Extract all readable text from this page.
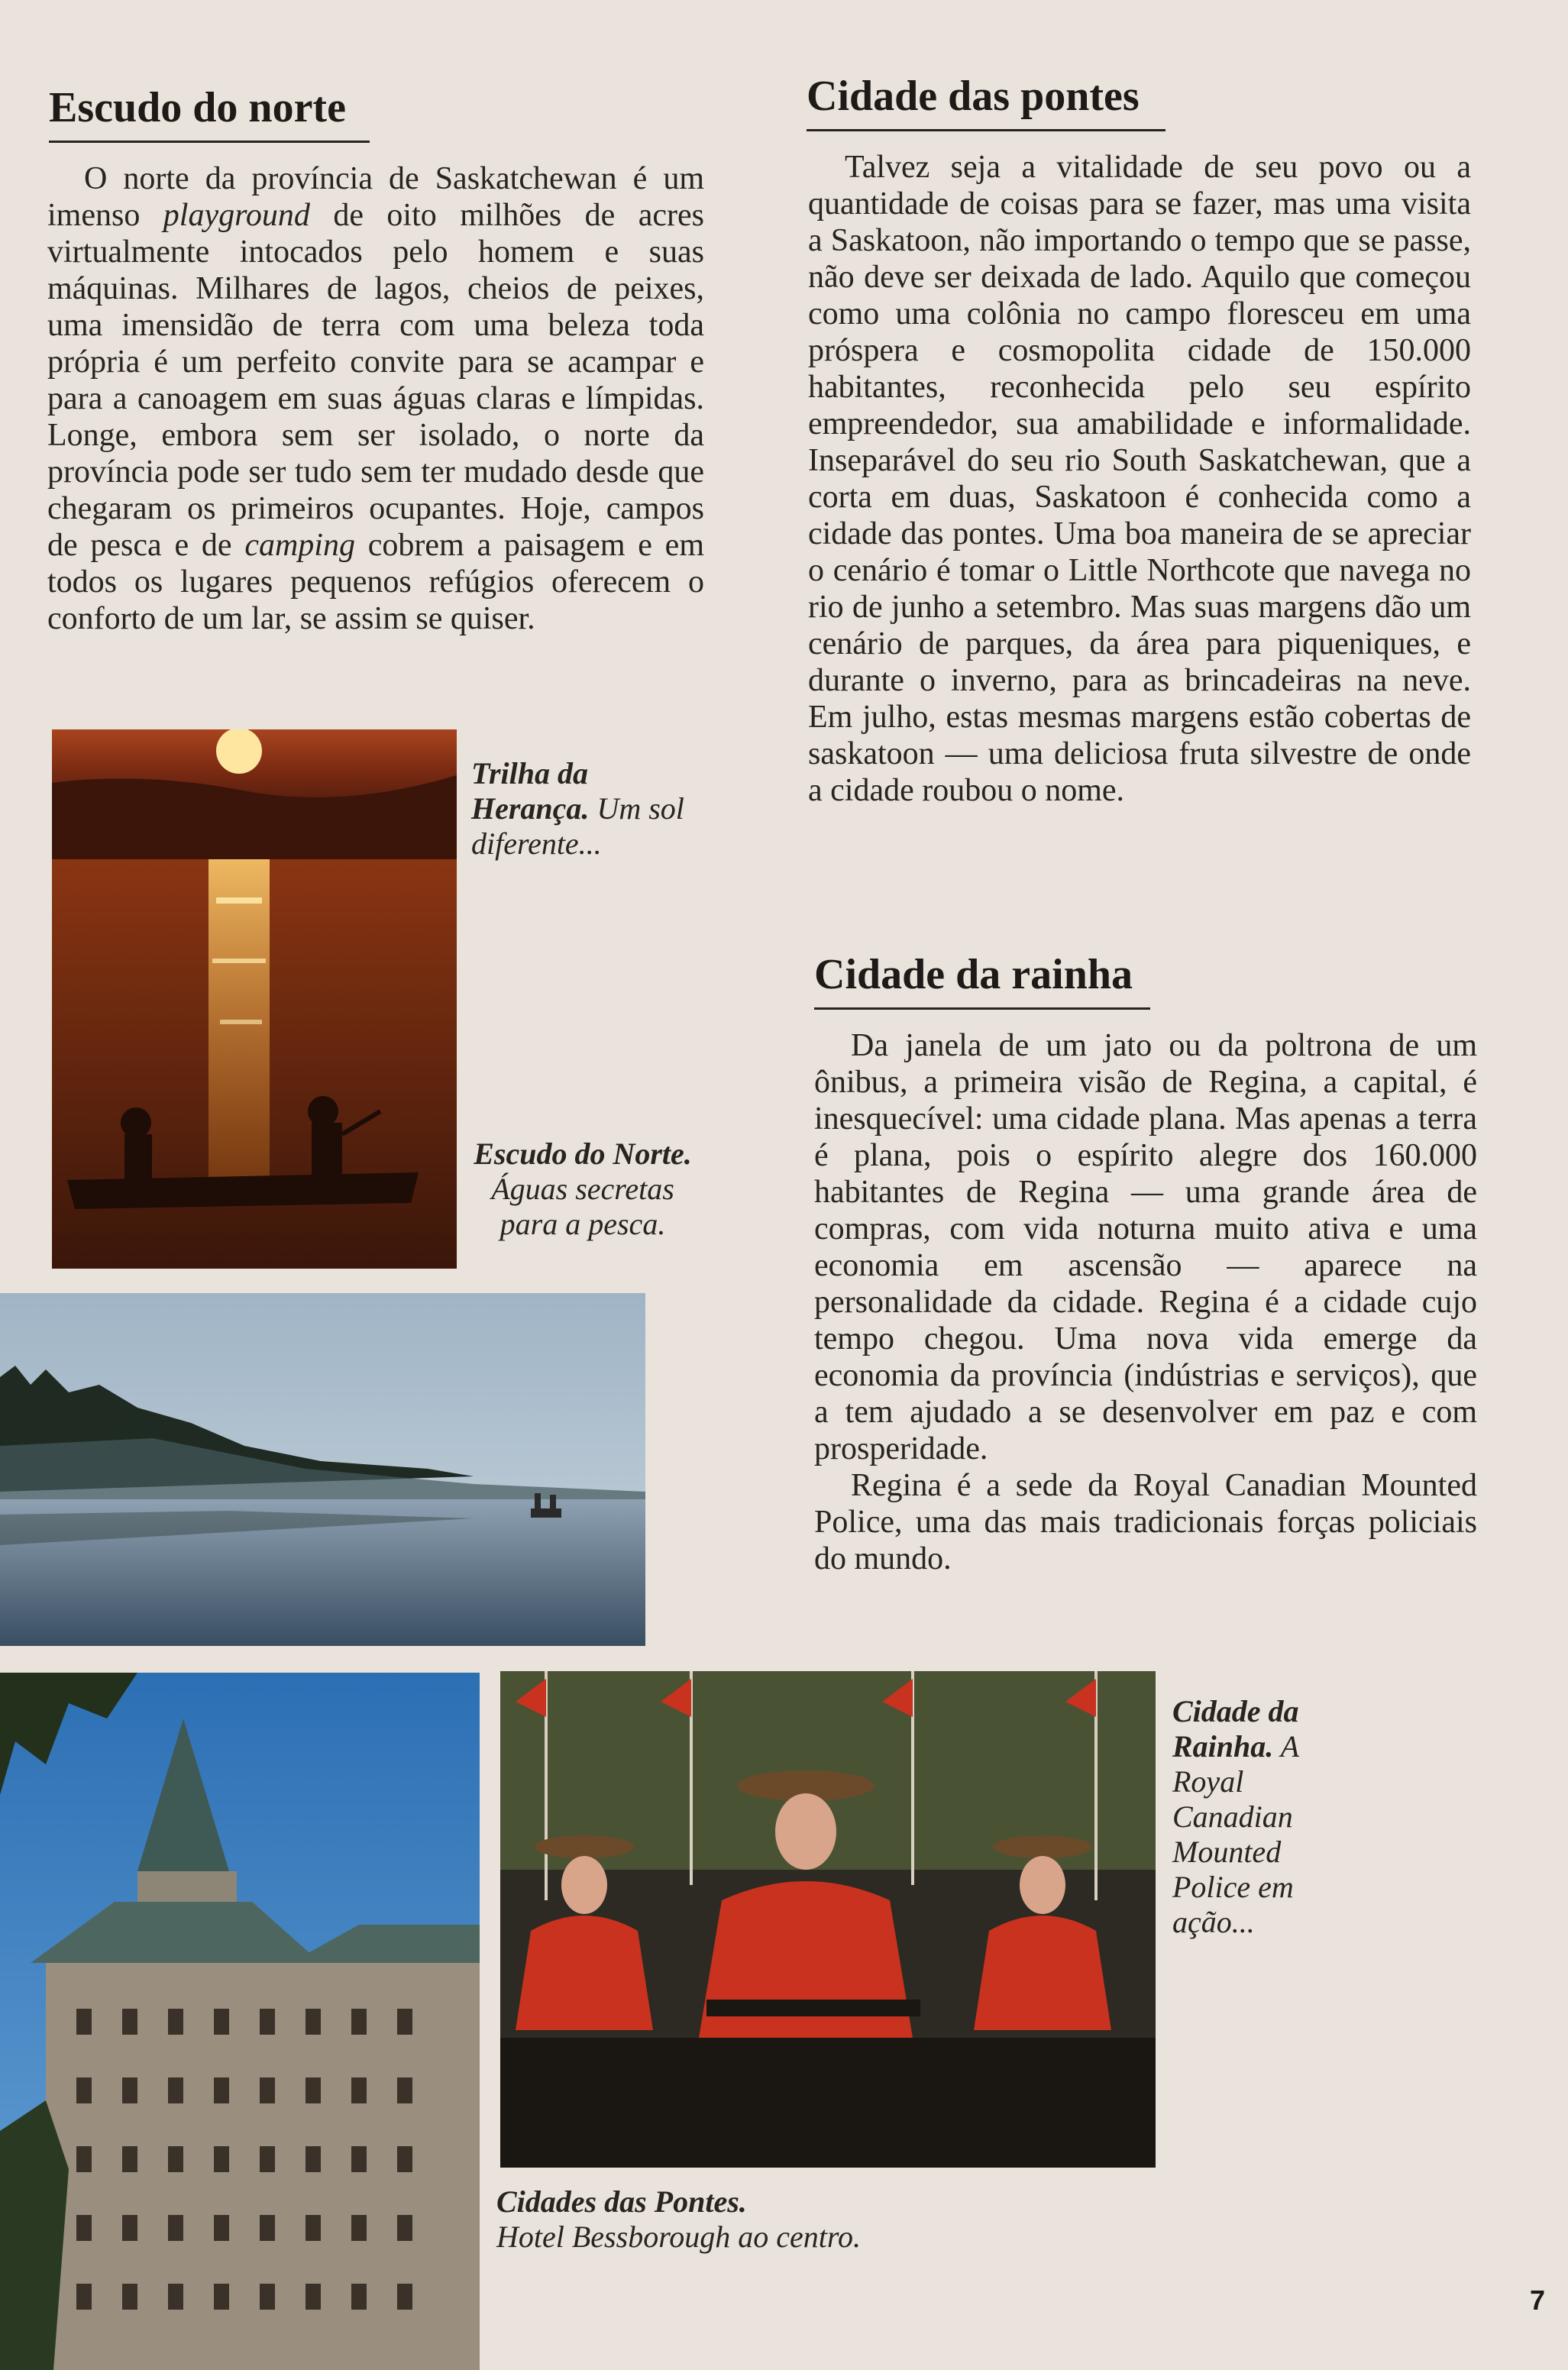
Escudo do norte

O norte da província de Saskatchewan é um imenso playground de oito milhões de acres virtualmente intocados pelo homem e suas máquinas. Milhares de lagos, cheios de peixes, uma imensidão de terra com uma beleza toda própria é um perfeito convite para se acampar e para a canoagem em suas águas claras e límpidas. Longe, embora sem ser isolado, o norte da província pode ser tudo sem ter mudado desde que chegaram os primeiros ocupantes. Hoje, campos de pesca e de camping cobrem a paisagem e em todos os lugares pequenos refúgios oferecem o conforto de um lar, se assim se quiser.

Trilha da Herança. Um sol diferente...
Escudo do Norte. Águas secretas para a pesca.
Cidade da Rainha. A Royal Canadian Mounted Police em ação...
Cidades das Pontes.
Hotel Bessborough ao centro.
Cidade das pontes

Talvez seja a vitalidade de seu povo ou a quantidade de coisas para se fazer, mas uma visita a Saskatoon, não importando o tempo que se passe, não deve ser deixada de lado. Aquilo que começou como uma colônia no campo floresceu em uma próspera e cosmopolita cidade de 150.000 habitantes, reconhecida pelo seu espírito empreendedor, sua amabilidade e informalidade. Inseparável do seu rio South Saskatchewan, que a corta em duas, Saskatoon é conhecida como a cidade das pontes. Uma boa maneira de se apreciar o cenário é tomar o Little Northcote que navega no rio de junho a setembro. Mas suas margens dão um cenário de parques, da área para piqueniques, e durante o inverno, para as brincadeiras na neve. Em julho, estas mesmas margens estão cobertas de saskatoon — uma deliciosa fruta silvestre de onde a cidade roubou o nome.

Cidade da rainha

Da janela de um jato ou da poltrona de um ônibus, a primeira visão de Regina, a capital, é inesquecível: uma cidade plana. Mas apenas a terra é plana, pois o espírito alegre dos 160.000 habitantes de Regina — uma grande área de compras, com vida noturna muito ativa e uma economia em ascensão — aparece na personalidade da cidade. Regina é a cidade cujo tempo chegou. Uma nova vida emerge da economia da província (indústrias e serviços), que a tem ajudado a se desenvolver em paz e com prosperidade.

Regina é a sede da Royal Canadian Mounted Police, uma das mais tradicionais forças policiais do mundo.

7
